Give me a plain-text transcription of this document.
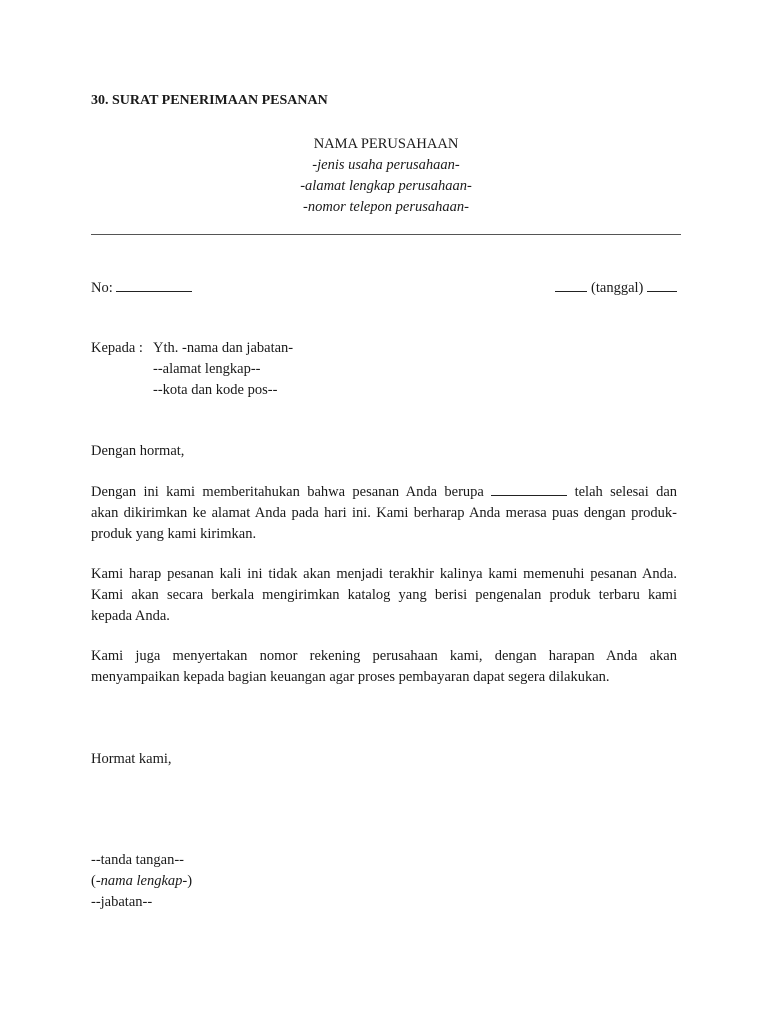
30. SURAT PENERIMAAN PESANAN
NAMA PERUSAHAAN
-jenis usaha perusahaan-
-alamat lengkap perusahaan-
-nomor telepon perusahaan-
No:	(tanggal)
Kepada : Yth. -nama dan jabatan-
--alamat lengkap--
--kota dan kode pos--
Dengan hormat,
Dengan ini kami memberitahukan bahwa pesanan Anda berupa	telah selesai dan
akan dikirimkan ke alamat Anda pada hari ini. Kami berharap Anda merasa puas dengan produk-
produk yang kami kirimkan.
Kami harap pesanan kali ini tidak akan menjadi terakhir kalinya kami memenuhi pesanan Anda.
Kami akan secara berkala mengirimkan katalog yang berisi pengenalan produk terbaru kami
kepada Anda.
Kami juga menyertakan nomor rekening perusahaan kami, dengan harapan Anda akan
menyampaikan kepada bagian keuangan agar proses pembayaran dapat segera dilakukan.
Hormat kami,
--tanda tangan--
(-nama lengkap-)
--jabatan--
